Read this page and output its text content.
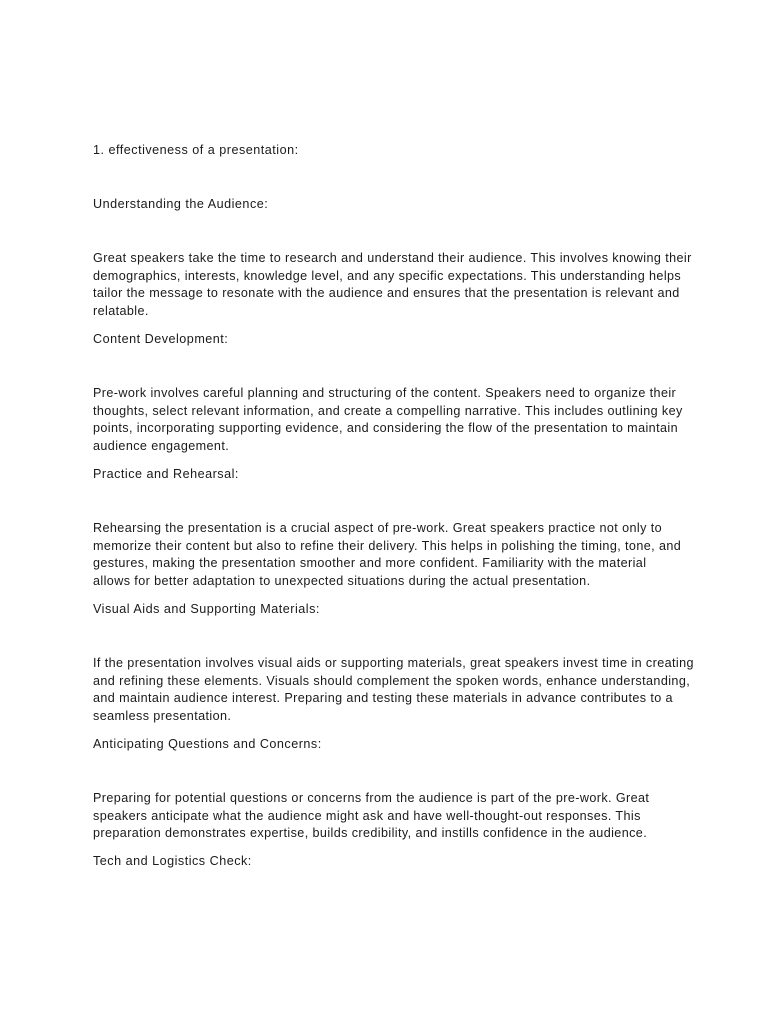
1. effectiveness of a presentation:

Understanding the Audience:

Great speakers take the time to research and understand their audience. This involves knowing their
demographics, interests, knowledge level, and any specific expectations. This understanding helps
tailor the message to resonate with the audience and ensures that the presentation is relevant and
relatable.

Content Development:

Pre-work involves careful planning and structuring of the content. Speakers need to organize their
thoughts, select relevant information, and create a compelling narrative. This includes outlining key
points, incorporating supporting evidence, and considering the flow of the presentation to maintain
audience engagement.

Practice and Rehearsal:

Rehearsing the presentation is a crucial aspect of pre-work. Great speakers practice not only to
memorize their content but also to refine their delivery. This helps in polishing the timing, tone, and
gestures, making the presentation smoother and more confident. Familiarity with the material
allows for better adaptation to unexpected situations during the actual presentation.

Visual Aids and Supporting Materials:

If the presentation involves visual aids or supporting materials, great speakers invest time in creating
and refining these elements. Visuals should complement the spoken words, enhance understanding,
and maintain audience interest. Preparing and testing these materials in advance contributes to a
seamless presentation.

Anticipating Questions and Concerns:

Preparing for potential questions or concerns from the audience is part of the pre-work. Great
speakers anticipate what the audience might ask and have well-thought-out responses. This
preparation demonstrates expertise, builds credibility, and instills confidence in the audience.

Tech and Logistics Check:
